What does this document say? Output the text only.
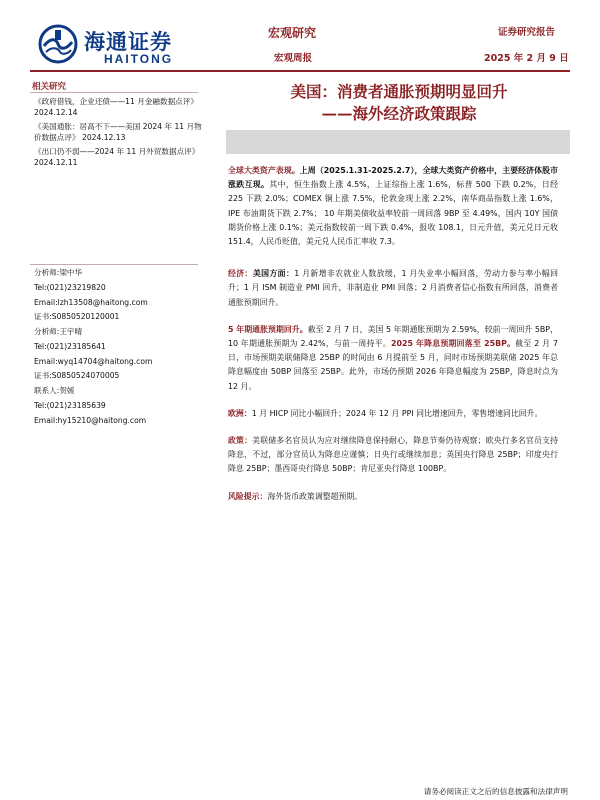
海通证券
HAITONG
宏观研究	证券研究报告
宏观周报	2025 年 2 月 9 日
相关研究
《政府借钱，企业还债——11 月金融数据点评》 2024.12.14
《美国通胀：居高不下——美国 2024 年 11 月物价数据点评》 2024.12.13
《出口仍不弱——2024 年 11 月外贸数据点评》 2024.12.11
分析师:梁中华
Tel:(021)23219820
Email:lzh13508@haitong.com
证书:S0850520120001
分析师:王宇晴
Tel:(021)23185641
Email:wyq14704@haitong.com
证书:S0850524070005
联系人:贺媛
Tel:(021)23185639
Email:hy15210@haitong.com
美国：消费者通胀预期明显回升
——海外经济政策跟踪

全球大类资产表现。上周（2025.1.31-2025.2.7），全球大类资产价格中，主要经济体股市涨跌互现。其中，恒生指数上涨 4.5%，上证综指上涨 1.6%，标普 500 下跌 0.2%，日经 225 下跌 2.0%；COMEX 铜上涨 7.5%，伦敦金现上涨 2.2%，南华商品指数上涨 1.6%，IPE 布油期货下跌 2.7%； 10 年期美债收益率较前一周回落 9BP 至 4.49%，国内 10Y 国债期货价格上涨 0.1%；美元指数较前一周下跌 0.4%，报收 108.1，日元升值，美元兑日元收 151.4，人民币贬值，美元兑人民币汇率收 7.3。

经济：美国方面：1 月新增非农就业人数放缓，1 月失业率小幅回落，劳动力参与率小幅回升；1 月 ISM 制造业 PMI 回升，非制造业 PMI 回落；2 月消费者信心指数有所回落，消费者通胀预期回升。

5 年期通胀预期回升。截至 2 月 7 日，美国 5 年期通胀预期为 2.59%，较前一周回升 5BP，10 年期通胀预期为 2.42%，与前一周持平。2025 年降息预期回落至 25BP。截至 2 月 7 日，市场预期美联储降息 25BP 的时间由 6 月提前至 5 月，同时市场预期美联储 2025 年总降息幅度由 50BP 回落至 25BP。此外，市场仍预期 2026 年降息幅度为 25BP，降息时点为 12 月。

欧洲：1 月 HICP 同比小幅回升；2024 年 12 月 PPI 同比增速回升，零售增速同比回升。

政策：美联储多名官员认为应对继续降息保持耐心，降息节奏仍待观察；欧央行多名官员支持降息，不过，部分官员认为降息应谨慎；日央行或继续加息；英国央行降息 25BP；印度央行降息 25BP；墨西哥央行降息 50BP；肯尼亚央行降息 100BP。

风险提示：海外货币政策调整超预期。

请务必阅读正文之后的信息披露和法律声明
